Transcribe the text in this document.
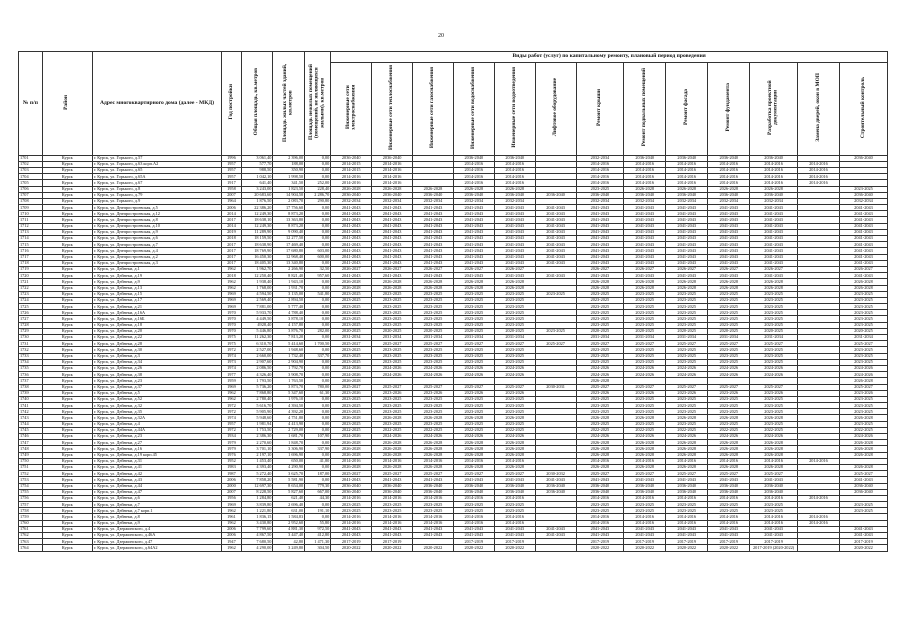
20
№ п/п	Район	Адрес многоквартирного дома (далее - МКД)	Год постройки	Общая площадь, кв.метров	Площадь жилых частей зданий, кв.метров	Площадь нежилых помещений (помещений, не являющихся жилыми), кв.метров	Виды работ (услуг) по капитальному ремонту, плановый период проведения												
							Инженерные сети электроснабжения	Инженерные сети теплоснабжения	Инженерные сети газоснабжения	Инженерные сети водоснабжения	Инженерные сети водоотведения	Лифтовое оборудование	Ремонт крыши	Ремонт подвальных помещений	Ремонт фасада	Ремонт фундамента	Разработка проектной документации	Замена дверей, окон в МОП	Строительный контроль
1701	Курск	г. Курск, ул. Горького, д.57	1996	3 061,40	2 396,00	0,00	2036-2040	2036-2040		2036-2040	2036-2040		2032-2034	2036-2040	2036-2040	2036-2040	2036-2040		2036-2040
1702	Курск	г. Курск, ул. Горького, д.63 корп.А2	1957	577,70	188,00	0,00	2014-2015	2014-2016		2014-2016	2014-2016		2014-2016	2014-2016	2014-2016	2014-2016	2014-2016	2014-2016	
1703	Курск	г. Курск, ул. Горького, д.65	1957	988,50	350,90	0,00	2014-2015	2014-2016		2014-2016	2014-2016		2014-2016	2014-2016	2014-2016	2014-2016	2014-2016	2014-2016	
1704	Курск	г. Курск, ул. Горького, д.65А	1957	1 042,10	1 998,50	0,00	2014-2016	2014-2016		2014-2016	2014-2016		2014-2016	2014-2016	2014-2016	2014-2016	2014-2016	2014-2016	
1705	Курск	г. Курск, ул. Горького, д.67	1917	641,40	341,50	252,00	2014-2016	2014-2016		2014-2016	2014-2016		2014-2016	2014-2016	2014-2016	2014-2016	2014-2016	2014-2016	
1706	Курск	г. Курск, ул. Горького, д.8	1958	3 243,00	1 823,50	228,40	2026-2028	2026-2028	2026-2028	2026-2028	2026-2028		2023-2025	2026-2028	2026-2028	2026-2028	2026-2028		2023-2025
1707	Курск	г. Курск, ул. Горького, д.79	2007	20 683,60	14 904,50	2 286,70	2036-2040	2036-2040	2036-2040	2036-2040	2036-2040	2036-2040	2036-2040	2036-2040	2036-2040	2036-2040	2036-2040		2036-2040
1708	Курск	г. Курск, ул. Горького, д.9	1964	1 876,50	2 083,70	290,80	2032-2034	2032-2034	2032-2034	2032-2034	2032-2034		2032-2034	2032-2034	2032-2034	2032-2034	2032-2034		2032-2034
1709	Курск	г. Курск, ул. Днепростроевская, д.5	2006	22 386,20	17 756,60	0,00	2041-2043	2041-2043	2041-2043	2041-2043	2041-2043	2041-2043	2041-2043	2041-2043	2041-2043	2041-2043	2041-2043		2041-2043
1710	Курск	г. Курск, ул. Днепростроевская, д.12	2014	12 249,30	8 873,20	0,00	2041-2043	2041-2043	2041-2043	2041-2043	2041-2043	2041-2043	2041-2043	2041-2043	2041-2043	2041-2043	2041-2043		2041-2043
1711	Курск	г. Курск, ул. Днепростроевская, д.8	2017	18 638,10	13 363,80	0,00	2041-2043	2041-2043	2041-2043	2041-2043	2041-2043	2041-2043	2041-2043	2041-2043	2041-2043	2041-2043	2041-2043		2041-2043
1712	Курск	г. Курск, ул. Днепростроевская, д.10	2014	12 249,30	8 873,20	0,00	2041-2043	2041-2043	2041-2043	2041-2043	2041-2043	2041-2043	2041-2043	2041-2043	2041-2043	2041-2043	2041-2043		2041-2043
1713	Курск	г. Курск, ул. Днепростроевская, д.9	2019	11 289,90	9 090,40	0,00	2041-2043	2041-2043	2041-2043	2041-2043	2041-2043	2041-2043	2041-2043	2041-2043	2041-2043	2041-2043	2041-2043		2041-2043
1714	Курск	г. Курск, ул. Днепростроевская, д.6	2018	18 159,50	12 277,50	0,00	2041-2043	2041-2043	2041-2043	2041-2043	2041-2043	2041-2043	2041-2043	2041-2043	2041-2043	2041-2043	2041-2043		2041-2043
1715	Курск	г. Курск, ул. Днепростроевская, д.7	2017	18 638,90	17 469,40	0,00	2041-2043	2041-2043	2041-2043	2041-2043	2041-2043	2041-2043	2041-2043	2041-2043	2041-2043	2041-2043	2041-2043		2041-2043
1716	Курск	г. Курск, ул. Днепростроевская, д.4	2017	18 769,90	17 680,80	603,00	2041-2043	2041-2043	2041-2043	2041-2043	2041-2043	2041-2043	2041-2043	2041-2043	2041-2043	2041-2043	2041-2043		2041-2043
1717	Курск	г. Курск, ул. Днепростроевская, д.2	2017	16 450,30	12 968,40	600,00	2041-2043	2041-2043	2041-2043	2041-2043	2041-2043	2041-2043	2041-2043	2041-2043	2041-2043	2041-2043	2041-2043		2041-2043
1718	Курск	г. Курск, ул. Днепростроевская, д.3	2017	18 405,30	13 340,80	0,00	2041-2043	2041-2043	2041-2043	2041-2043	2041-2043	2041-2043	2041-2043	2041-2043	2041-2043	2041-2043	2041-2043		2041-2043
1719	Курск	г. Курск, ул. Дейнеки, д.1	1962	1 962,70	2 266,90	32,50	2026-2027	2026-2027	2026-2027	2026-2027	2026-2027		2026-2027	2026-2027	2026-2027	2026-2027	2026-2027		2026-2027
1720	Курск	г. Курск, ул. Дейнеки, д.19	2018	12 250,40	8 821,40	957,60	2041-2043	2041-2043	2041-2043	2041-2043	2041-2043	2041-2043	2041-2043	2041-2043	2041-2043	2041-2043	2041-2043		2041-2043
1721	Курск	г. Курск, ул. Дейнеки, д.9	1962	1 938,40	1 943,10	0,00	2026-2028	2026-2028	2026-2028	2026-2028	2026-2028		2026-2028	2026-2028	2026-2028	2026-2028	2026-2028		2026-2028
1722	Курск	г. Курск, ул. Дейнеки, д.13	1962	1 768,00	1 931,70	0,00	2026-2028	2026-2028	2026-2028	2026-2028	2026-2028		2026-2028	2026-2028	2026-2028	2026-2028	2026-2028		2026-2028
1723	Курск	г. Курск, ул. Дейнеки, д.15	1969	4 594,50	3 135,00	541,80	2023-2025	2023-2025	2023-2025	2023-2025	2023-2025	2023-2025	2023-2025	2023-2025	2023-2025	2023-2025	2023-2025		2023-2025
1724	Курск	г. Курск, ул. Дейнеки, д.17	1969	2 569,40	2 894,50	0,00	2023-2025	2023-2025	2023-2025	2023-2025	2023-2025		2023-2025	2023-2025	2023-2025	2023-2025	2023-2025		2023-2025
1725	Курск	г. Курск, ул. Дейнеки, д.21	1969	7 881,00	5 777,40	0,00	2023-2025	2023-2025	2023-2025	2023-2025	2023-2025		2023-2025	2023-2025	2023-2025	2023-2025	2023-2025		2023-2025
1726	Курск	г. Курск, ул. Дейнеки, д.16А	1970	5 933,70	4 788,40	0,00	2023-2025	2023-2025	2023-2025	2023-2025	2023-2025		2023-2025	2023-2025	2023-2025	2023-2025	2023-2025		2023-2025
1727	Курск	г. Курск, ул. Дейнеки, д.16Б	1970	4 449,50	3 878,10	0,00	2023-2025	2023-2025	2023-2025	2023-2025	2023-2025		2023-2025	2023-2025	2023-2025	2023-2025	2023-2025		2023-2025
1728	Курск	г. Курск, ул. Дейнеки, д.18	1970	4928,40	4 157,80	0,00	2023-2025	2023-2025	2023-2025	2023-2025	2023-2025		2023-2025	2023-2025	2023-2025	2023-2025	2023-2025		2023-2025
1729	Курск	г. Курск, ул. Дейнеки, д.20	1970	5 446,80	3 876,70	282,00	2020-2025	2020-2025	2020-2025	2020-2025	2020-2025	2023-2025	2020-2025	2020-2025	2020-2025	2020-2025	2020-2025		2020-2025
1730	Курск	г. Курск, ул. Дейнеки, д.22	1975	11 262,30	7 813,20	0,00	2031-2034	2031-2034	2031-2034	2031-2034	2031-2034		2031-2034	2031-2034	2031-2034	2031-2034	2031-2034		2031-2034
1731	Курск	г. Курск, ул. Дейнеки, д.28	1975	6 310,70	5 414,60	1 700,50	2025-2027	2025-2027	2025-2027	2025-2027	2025-2027	2025-2027	2025-2027	2025-2027	2025-2027	2025-2027	2025-2027		2025-2027
1732	Курск	г. Курск, ул. Дейнеки, д.30	1972	2 527,00	1 948,60	0,00	2023-2025	2023-2025	2023-2025	2023-2025	2023-2025		2023-2025	2023-2025	2023-2025	2023-2025	2023-2025		2023-2025
1733	Курск	г. Курск, ул. Дейнеки, д.3	1974	2 660,00	1 732,40	337,70	2023-2025	2023-2025	2023-2025	2023-2025	2023-2025		2023-2025	2023-2025	2023-2025	2023-2025	2023-2025		2023-2025
1734	Курск	г. Курск, ул. Дейнеки, д.34	1973	2 907,60	2 904,90	0,00	2023-2025	2023-2025	2023-2025	2023-2025	2023-2025		2023-2025	2023-2025	2023-2025	2023-2025	2023-2025		2023-2025
1735	Курск	г. Курск, ул. Дейнеки, д.26	1974	2 086,50	1 792,70	0,00	2024-2026	2024-2026	2024-2026	2024-2026	2024-2026		2024-2026	2024-2026	2024-2026	2024-2026	2024-2026		2024-2026
1736	Курск	г. Курск, ул. Дейнеки, д.38	1977	4 326,40	3 908,70	0,00	2024-2026	2024-2026	2024-2026	2024-2026	2024-2026		2024-2026	2024-2026	2024-2026	2024-2026	2024-2026		2024-2026
1737	Курск	г. Курск, ул. Дейнеки, д.23	1959	1 793,50	1 763,50	0,00	2026-2028						2026-2028						2026-2028
1738	Курск	г. Курск, ул. Дейнеки, д.37	1969	5 736,20	3 873,70	780,00	2025-2027	2025-2027	2025-2027	2025-2027	2025-2027	2030-2031	2025-2027	2025-2027	2025-2027	2025-2027	2025-2027		2025-2027
1739	Курск	г. Курск, ул. Дейнеки, д.5	1962	7 868,80	5 347,60	61,30	2023-2026	2023-2026	2023-2026	2023-2026	2023-2026		2023-2026	2023-2026	2023-2026	2023-2026	2023-2026		2023-2026
1740	Курск	г. Курск, ул. Дейнеки, д.52	1962	2 780,40	1 976,10	0,00	2023-2025	2023-2025	2023-2025	2023-2025	2023-2025		2023-2025	2023-2025	2023-2025	2023-2025	2023-2025		2023-2025
1741	Курск	г. Курск, ул. Дейнеки, д.32	1972	5 616,70	4 394,50	0,00	2023-2025	2023-2025	2023-2025	2023-2025	2023-2025		2023-2025	2023-2025	2023-2025	2023-2025	2023-2025		2023-2025
1742	Курск	г. Курск, ул. Дейнеки, д.35	1972	5 905,90	4 392,20	0,00	2023-2025	2023-2025	2023-2025	2023-2025	2023-2025		2023-2025	2023-2025	2023-2025	2023-2025	2023-2025		2023-2025
1743	Курск	г. Курск, ул. Дейнеки, д.32А	1974	5 948,60	4 751,80	0,00	2026-2028	2026-2028	2026-2028	2026-2028	2026-2028		2026-2028	2026-2028	2026-2028	2026-2028	2026-2028		2026-2028
1744	Курск	г. Курск, ул. Дейнеки, д.4	1957	1 981,94	4 413,90	0,00	2023-2025	2023-2025	2023-2025	2023-2025	2023-2025		2023-2025	2023-2025	2023-2025	2023-2025	2023-2025		2023-2025
1745	Курск	г. Курск, ул. Дейнеки, д.44А	1972	1 753,50	2 729,00	0,00	2022-2025	2022-2025	2022-2025	2022-2025	2022-2025		2022-2025	2022-2025	2022-2025	2022-2025	2022-2025		2022-2025
1746	Курск	г. Курск, ул. Дейнеки, д.23	1934	2 386,30	1 681,70	107,90	2024-2026	2024-2026	2024-2026	2024-2026	2024-2026		2024-2026	2024-2026	2024-2026	2024-2026	2024-2026		2024-2026
1747	Курск	г. Курск, ул. Дейнеки, д.27	1979	2 270,60	1 848,70	0,00	2026-2028	2026-2028	2026-2028	2026-2028	2026-2028		2026-2028	2026-2028	2026-2028	2026-2028	2026-2028		2026-2028
1748	Курск	г. Курск, ул. Дейнеки, д.16	1979	3 701,10	3 306,90	337,90	2026-2028	2026-2028	2026-2028	2026-2028	2026-2028		2026-2028	2026-2028	2026-2028	2026-2028	2026-2028		2026-2028
1749	Курск	г. Курск, ул. Дейнеки, д.19 корп.45	1976	2 197,10	1 696,90	0,00	2026-2028	2026-2028	2026-2028	2026-2028	2026-2028		2026-2028	2026-2028	2026-2028	2026-2028	2026-2028		2026-2028
1750	Курск	г. Курск, ул. Дейнеки, д.31	1952	1 453,40	650,00	41,80	2014-2016	2014-2016	2014-2016	2014-2016	2014-2016		2014-2016	2014-2016	2014-2016	2014-2016	2014-2016	2014-2016	
1751	Курск	г. Курск, ул. Дейнеки, д.41	1983	4 393,40	4 290,90	0,00	2026-2028	2026-2028	2026-2028	2026-2028	2026-2028		2026-2028	2026-2028	2026-2028	2026-2028	2026-2028		2026-2028
1752	Курск	г. Курск, ул. Дейнеки, д.42	1987	5 272,40	3 625,70	187,00	2025-2027	2025-2027	2025-2027	2025-2027	2025-2027	2030-2032	2025-2027	2025-2027	2025-2027	2025-2027	2025-2027		2025-2027
1753	Курск	г. Курск, ул. Дейнеки, д.43	2006	7 858,20	5 581,90	0,00	2041-2043	2041-2043	2041-2043	2041-2043	2041-2043	2041-2043	2041-2043	2041-2043	2041-2043	2041-2043	2041-2043		2041-2043
1754	Курск	г. Курск, ул. Дейнеки, д.44	2000	12 697,30	8 654,00	779,30	2036-2040	2036-2040	2036-2040	2036-2040	2036-2040	2036-2040	2036-2040	2036-2040	2036-2040	2036-2040	2036-2040		2036-2040
1755	Курск	г. Курск, ул. Дейнеки, д.47	2007	8 228,50	5 827,60	667,00	2036-2040	2036-2040	2036-2040	2036-2040	2036-2040	2036-2040	2036-2040	2036-2040	2036-2040	2036-2040	2036-2040		2036-2040
1756	Курск	г. Курск, ул. Дейнеки, д.6	1956	1 284,80	621,40	44,30	2014-2016	2014-2016	2014-2016	2014-2016	2014-2016		2014-2016	2014-2016	2014-2016	2014-2016	2014-2016	2014-2016	
1757	Курск	г. Курск, ул. Дейнеки, д.7	1969	3 839,80	2 696,40	0,00	2023-2025	2023-2025	2023-2025	2023-2025	2023-2025		2023-2025	2023-2025	2023-2025	2023-2025	2023-2025		2023-2025
1758	Курск	г. Курск, ул. Дейнеки, д.7 корп.1	1962	1 221,80	631,00	191,10	2023-2025	2023-2025	2023-2025	2023-2025	2023-2025		2023-2025	2023-2025	2023-2025	2023-2025	2023-2025		2023-2025
1759	Курск	г. Курск, ул. Дейнеки, д.8	1961	1 836,15	1 584,83	0,00	2014-2016	2014-2016	2014-2016	2014-2016	2014-2016		2014-2016	2014-2016	2014-2016	2014-2016	2014-2016	2014-2016	
1760	Курск	г. Курск, ул. Дейнеки, д.9	1962	3 430,80	2 952,60	55,80	2014-2016	2014-2016	2014-2016	2014-2016	2014-2016		2014-2016	2014-2016	2014-2016	2014-2016	2014-2016	2014-2016	
1761	Курск	г. Курск, ул. Дзержинского, д.4	2006	7 799,60	4 881,30	972,50	2041-2043	2041-2043	2041-2043	2041-2043	2041-2043	2041-2043	2041-2043	2041-2043	2041-2043	2041-2043	2041-2043		2041-2043
1762	Курск	г. Курск, ул. Дзержинского, д.46А	2006	4 867,50	3 447,40	412,80	2041-2043	2041-2043	2041-2043	2041-2043	2041-2043	2041-2043	2041-2043	2041-2043	2041-2043	2041-2043	2041-2043		2041-2043
1763	Курск	г. Курск, ул. Дзержинского, д.47	1947	7 680,50	42,80	1 471,30	2017-2019	2017-2019		2017-2019	2017-2019		2017-2019	2017-2019	2017-2019	2017-2019	2017-2019		2017-2019
1764	Курск	г. Курск, ул. Дзержинского, д.64А2	1962	4 290,00	3 249,80	304,50	2020-2022	2020-2022	2020-2022	2020-2022	2020-2022		2020-2022	2020-2022	2020-2022	2020-2022	2017-2019 (2020-2022)		2020-2022
